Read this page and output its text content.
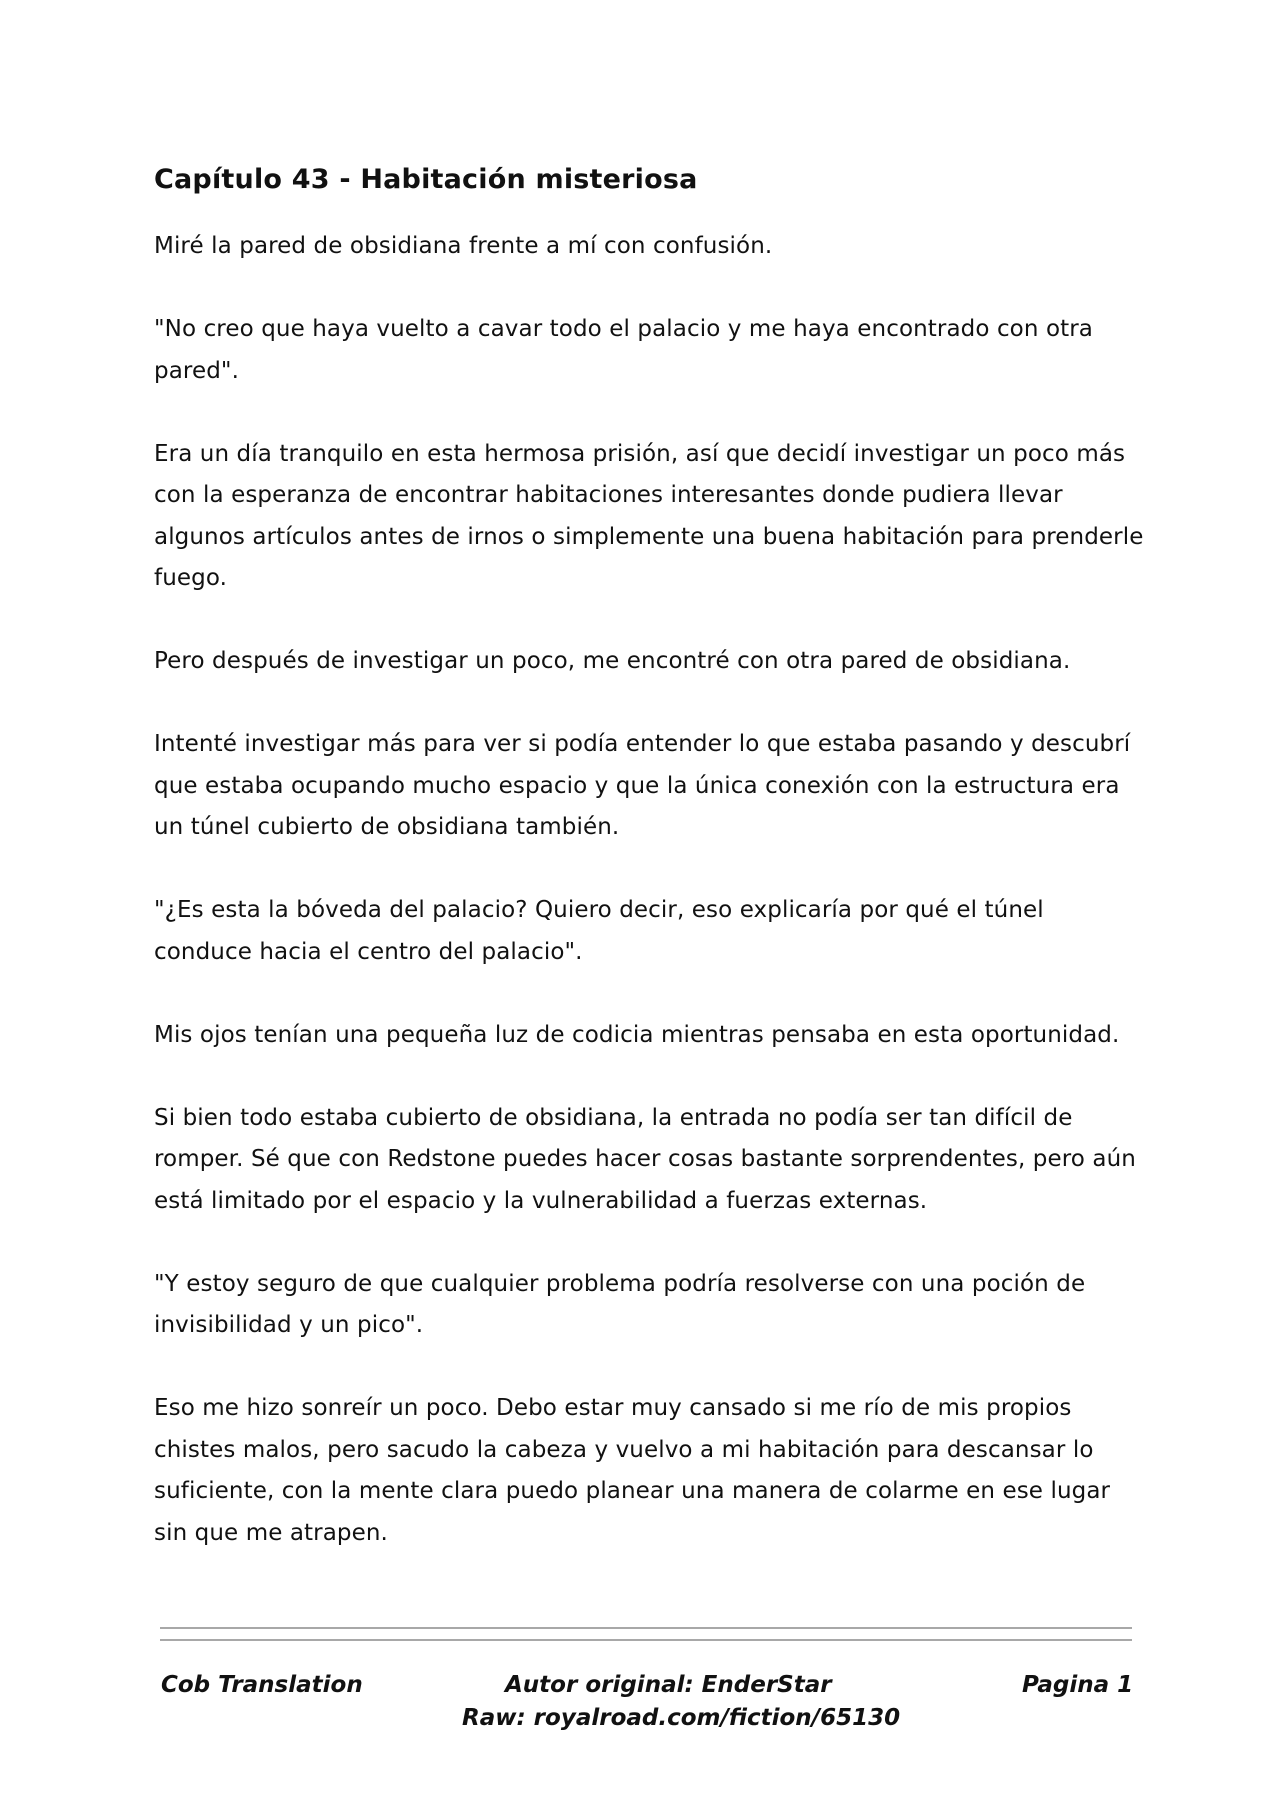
Capítulo 43 - Habitación misteriosa

Miré la pared de obsidiana frente a mí con confusión.

"No creo que haya vuelto a cavar todo el palacio y me haya encontrado con otra pared".

Era un día tranquilo en esta hermosa prisión, así que decidí investigar un poco más con la esperanza de encontrar habitaciones interesantes donde pudiera llevar algunos artículos antes de irnos o simplemente una buena habitación para prenderle fuego.

Pero después de investigar un poco, me encontré con otra pared de obsidiana.

Intenté investigar más para ver si podía entender lo que estaba pasando y descubrí que estaba ocupando mucho espacio y que la única conexión con la estructura era un túnel cubierto de obsidiana también.

"¿Es esta la bóveda del palacio? Quiero decir, eso explicaría por qué el túnel conduce hacia el centro del palacio".

Mis ojos tenían una pequeña luz de codicia mientras pensaba en esta oportunidad.

Si bien todo estaba cubierto de obsidiana, la entrada no podía ser tan difícil de romper. Sé que con Redstone puedes hacer cosas bastante sorprendentes, pero aún está limitado por el espacio y la vulnerabilidad a fuerzas externas.

"Y estoy seguro de que cualquier problema podría resolverse con una poción de invisibilidad y un pico".

Eso me hizo sonreír un poco. Debo estar muy cansado si me río de mis propios chistes malos, pero sacudo la cabeza y vuelvo a mi habitación para descansar lo suficiente, con la mente clara puedo planear una manera de colarme en ese lugar sin que me atrapen.

Cob Translation	Autor original: EnderStar	Pagina 1
Raw: royalroad.com/fiction/65130
